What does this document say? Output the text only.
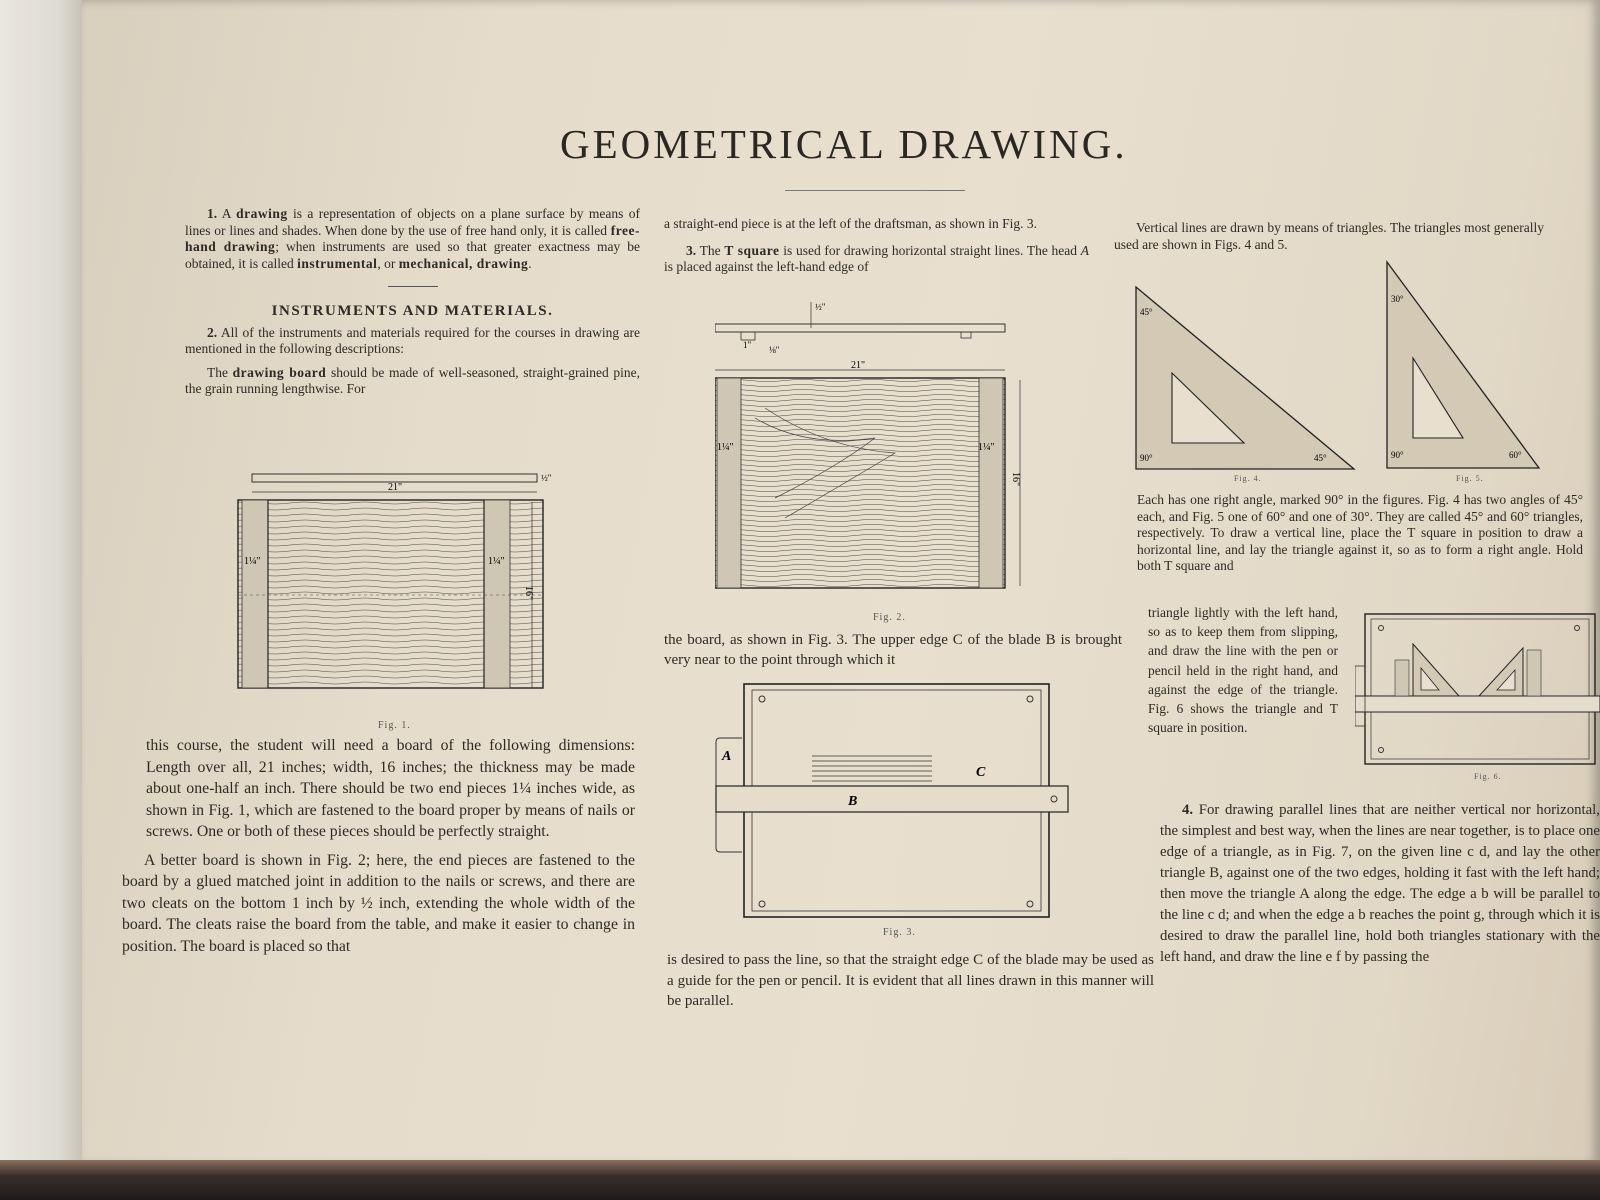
GEOMETRICAL DRAWING.

1. A drawing is a representation of objects on a plane surface by means of lines or lines and shades. When done by the use of free hand only, it is called free-hand drawing; when instruments are used so that greater exactness may be obtained, it is called instrumental, or mechanical, drawing.

INSTRUMENTS AND MATERIALS.

2. All of the instruments and materials required for the courses in drawing are mentioned in the following descriptions:

The drawing board should be made of well-seasoned, straight-grained pine, the grain running lengthwise. For

21"
½"
1¼"	1¼"
16"
Fig. 1.

this course, the student will need a board of the following dimensions: Length over all, 21 inches; width, 16 inches; the thickness may be made about one-half an inch. There should be two end pieces 1¼ inches wide, as shown in Fig. 1, which are fastened to the board proper by means of nails or screws. One or both of these pieces should be perfectly straight.

A better board is shown in Fig. 2; here, the end pieces are fastened to the board by a glued matched joint in addition to the nails or screws, and there are two cleats on the bottom 1 inch by ½ inch, extending the whole width of the board. The cleats raise the board from the table, and make it easier to change in position. The board is placed so that

a straight-end piece is at the left of the draftsman, as shown in Fig. 3.

3. The T square is used for drawing horizontal straight lines. The head A is placed against the left-hand edge of

½"
1" ⅛"
21"
1¼"	1¼"
16"
Fig. 2.

the board, as shown in Fig. 3. The upper edge C of the blade B is brought very near to the point through which it

A
B
C
Fig. 3.

is desired to pass the line, so that the straight edge C of the blade may be used as a guide for the pen or pencil. It is evident that all lines drawn in this manner will be parallel.

Vertical lines are drawn by means of triangles. The triangles most generally used are shown in Figs. 4 and 5.

45°
90°	45°
Fig. 4.
30°
90°	60°
Fig. 5.

Each has one right angle, marked 90° in the figures. Fig. 4 has two angles of 45° each, and Fig. 5 one of 60° and one of 30°. They are called 45° and 60° triangles, respectively. To draw a vertical line, place the T square in position to draw a horizontal line, and lay the triangle against it, so as to form a right angle. Hold both T square and

triangle lightly with the left hand, so as to keep them from slipping, and draw the line with the pen or pencil held in the right hand, and against the edge of the triangle. Fig. 6 shows the triangle and T square in position.

Fig. 6.

4. For drawing parallel lines that are neither vertical nor horizontal, the simplest and best way, when the lines are near together, is to place one edge of a triangle, as in Fig. 7, on the given line c d, and lay the other triangle B, against one of the two edges, holding it fast with the left hand; then move the triangle A along the edge. The edge a b will be parallel to the line c d; and when the edge a b reaches the point g, through which it is desired to draw the parallel line, hold both triangles stationary with the left hand, and draw the line e f by passing the
